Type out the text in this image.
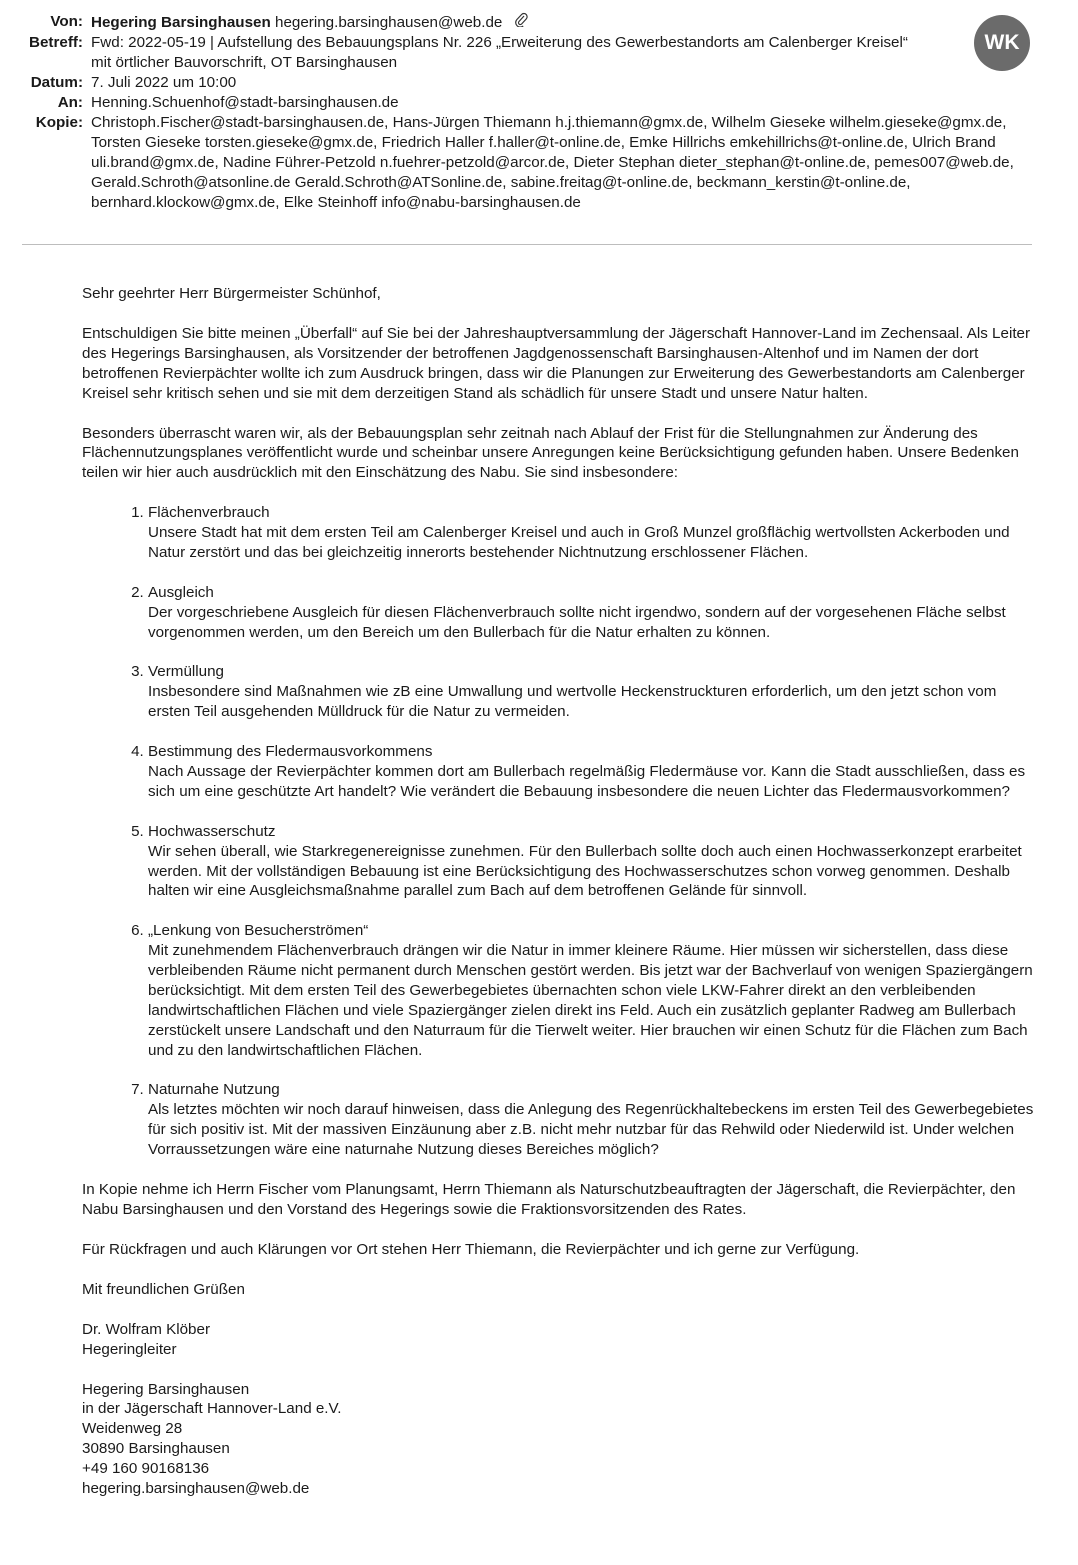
Von: Hegering Barsinghausen hegering.barsinghausen@web.de
Betreff: Fwd: 2022-05-19 | Aufstellung des Bebauungsplans Nr. 226 „Erweiterung des Gewerbestandorts am Calenberger Kreisel“ mit örtlicher Bauvorschrift, OT Barsinghausen
Datum: 7. Juli 2022 um 10:00
An: Henning.Schuenhof@stadt-barsinghausen.de
Kopie: Christoph.Fischer@stadt-barsinghausen.de, Hans-Jürgen Thiemann h.j.thiemann@gmx.de, Wilhelm Gieseke wilhelm.gieseke@gmx.de, Torsten Gieseke torsten.gieseke@gmx.de, Friedrich Haller f.haller@t-online.de, Emke Hillrichs emkehillrichs@t-online.de, Ulrich Brand uli.brand@gmx.de, Nadine Führer-Petzold n.fuehrer-petzold@arcor.de, Dieter Stephan dieter_stephan@t-online.de, pemes007@web.de, Gerald.Schroth@atsonline.de Gerald.Schroth@ATSonline.de, sabine.freitag@t-online.de, beckmann_kerstin@t-online.de, bernhard.klockow@gmx.de, Elke Steinhoff info@nabu-barsinghausen.de
WK

Sehr geehrter Herr Bürgermeister Schünhof,

Entschuldigen Sie bitte meinen „Überfall“ auf Sie bei der Jahreshauptversammlung der Jägerschaft Hannover-Land im Zechensaal. Als Leiter des Hegerings Barsinghausen, als Vorsitzender der betroffenen Jagdgenossenschaft Barsinghausen-Altenhof und im Namen der dort betroffenen Revierpächter wollte ich zum Ausdruck bringen, dass wir die Planungen zur Erweiterung des Gewerbestandorts am Calenberger Kreisel sehr kritisch sehen und sie mit dem derzeitigen Stand als schädlich für unsere Stadt und unsere Natur halten.

Besonders überrascht waren wir, als der Bebauungsplan sehr zeitnah nach Ablauf der Frist für die Stellungnahmen zur Änderung des Flächennutzungsplanes veröffentlicht wurde und scheinbar unsere Anregungen keine Berücksichtigung gefunden haben. Unsere Bedenken teilen wir hier auch ausdrücklich mit den Einschätzung des Nabu. Sie sind insbesondere:

1. Flächenverbrauch
Unsere Stadt hat mit dem ersten Teil am Calenberger Kreisel und auch in Groß Munzel großflächig wertvollsten Ackerboden und Natur zerstört und das bei gleichzeitig innerorts bestehender Nichtnutzung erschlossener Flächen.
2. Ausgleich
Der vorgeschriebene Ausgleich für diesen Flächenverbrauch sollte nicht irgendwo, sondern auf der vorgesehenen Fläche selbst vorgenommen werden, um den Bereich um den Bullerbach für die Natur erhalten zu können.
3. Vermüllung
Insbesondere sind Maßnahmen wie zB eine Umwallung und wertvolle Heckenstruckturen erforderlich, um den jetzt schon vom ersten Teil ausgehenden Mülldruck für die Natur zu vermeiden.
4. Bestimmung des Fledermausvorkommens
Nach Aussage der Revierpächter kommen dort am Bullerbach regelmäßig Fledermäuse vor. Kann die Stadt ausschließen, dass es sich um eine geschützte Art handelt? Wie verändert die Bebauung insbesondere die neuen Lichter das Fledermausvorkommen?
5. Hochwasserschutz
Wir sehen überall, wie Starkregenereignisse zunehmen. Für den Bullerbach sollte doch auch einen Hochwasserkonzept erarbeitet werden. Mit der vollständigen Bebauung ist eine Berücksichtigung des Hochwasserschutzes schon vorweg genommen. Deshalb halten wir eine Ausgleichsmaßnahme parallel zum Bach auf dem betroffenen Gelände für sinnvoll.
6. „Lenkung von Besucherströmen“
Mit zunehmendem Flächenverbrauch drängen wir die Natur in immer kleinere Räume. Hier müssen wir sicherstellen, dass diese verbleibenden Räume nicht permanent durch Menschen gestört werden. Bis jetzt war der Bachverlauf von wenigen Spaziergängern berücksichtigt. Mit dem ersten Teil des Gewerbegebietes übernachten schon viele LKW-Fahrer direkt an den verbleibenden landwirtschaftlichen Flächen und viele Spaziergänger zielen direkt ins Feld. Auch ein zusätzlich geplanter Radweg am Bullerbach zerstückelt unsere Landschaft und den Naturraum für die Tierwelt weiter. Hier brauchen wir einen Schutz für die Flächen zum Bach und zu den landwirtschaftlichen Flächen.
7. Naturnahe Nutzung
Als letztes möchten wir noch darauf hinweisen, dass die Anlegung des Regenrückhaltebeckens im ersten Teil des Gewerbegebietes für sich positiv ist. Mit der massiven Einzäunung aber z.B. nicht mehr nutzbar für das Rehwild oder Niederwild ist. Under welchen Vorraussetzungen wäre eine naturnahe Nutzung dieses Bereiches möglich?

In Kopie nehme ich Herrn Fischer vom Planungsamt, Herrn Thiemann als Naturschutzbeauftragten der Jägerschaft, die Revierpächter, den Nabu Barsinghausen und den Vorstand des Hegerings sowie die Fraktionsvorsitzenden des Rates.

Für Rückfragen und auch Klärungen vor Ort stehen Herr Thiemann, die Revierpächter und ich gerne zur Verfügung.

Mit freundlichen Grüßen

Dr. Wolfram Klöber
Hegeringleiter

Hegering Barsinghausen
in der Jägerschaft Hannover-Land e.V.
Weidenweg 28
30890 Barsinghausen
+49 160 90168136
hegering.barsinghausen@web.de
